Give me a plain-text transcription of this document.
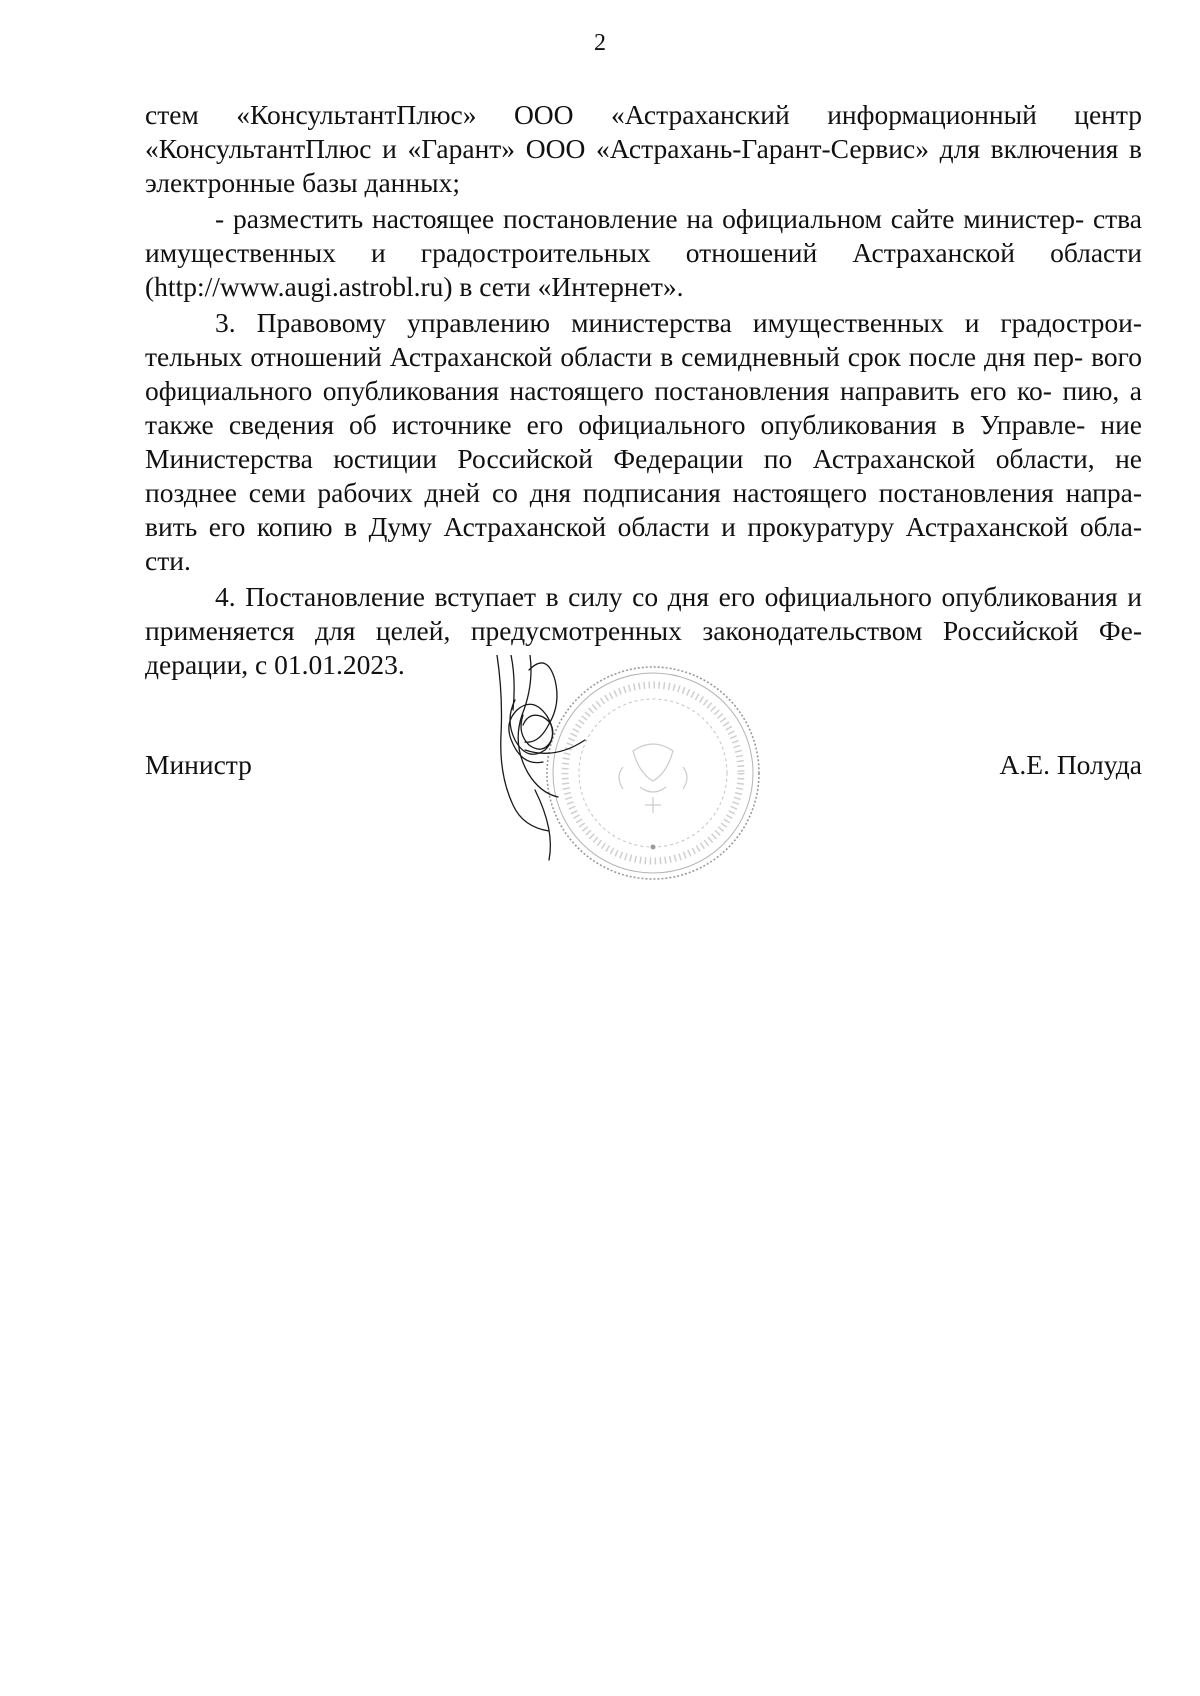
2

стем «КонсультантПлюс» ООО «Астраханский информационный центр «КонсультантПлюс и «Гарант» ООО «Астрахань-Гарант-Сервис» для включения в электронные базы данных;

- разместить настоящее постановление на официальном сайте министер- ства имущественных и градостроительных отношений Астраханской области (http://www.augi.astrobl.ru) в сети «Интернет».

3. Правовому управлению министерства имущественных и градострои- тельных отношений Астраханской области в семидневный срок после дня пер- вого официального опубликования настоящего постановления направить его ко- пию, а также сведения об источнике его официального опубликования в Управле- ние Министерства юстиции Российской Федерации по Астраханской области, не позднее семи рабочих дней со дня подписания настоящего постановления напра- вить его копию в Думу Астраханской области и прокуратуру Астраханской обла- сти.

4. Постановление вступает в силу со дня его официального опубликования и применяется для целей, предусмотренных законодательством Российской Фе- дерации, с 01.01.2023.

Министр	А.Е. Полуда
